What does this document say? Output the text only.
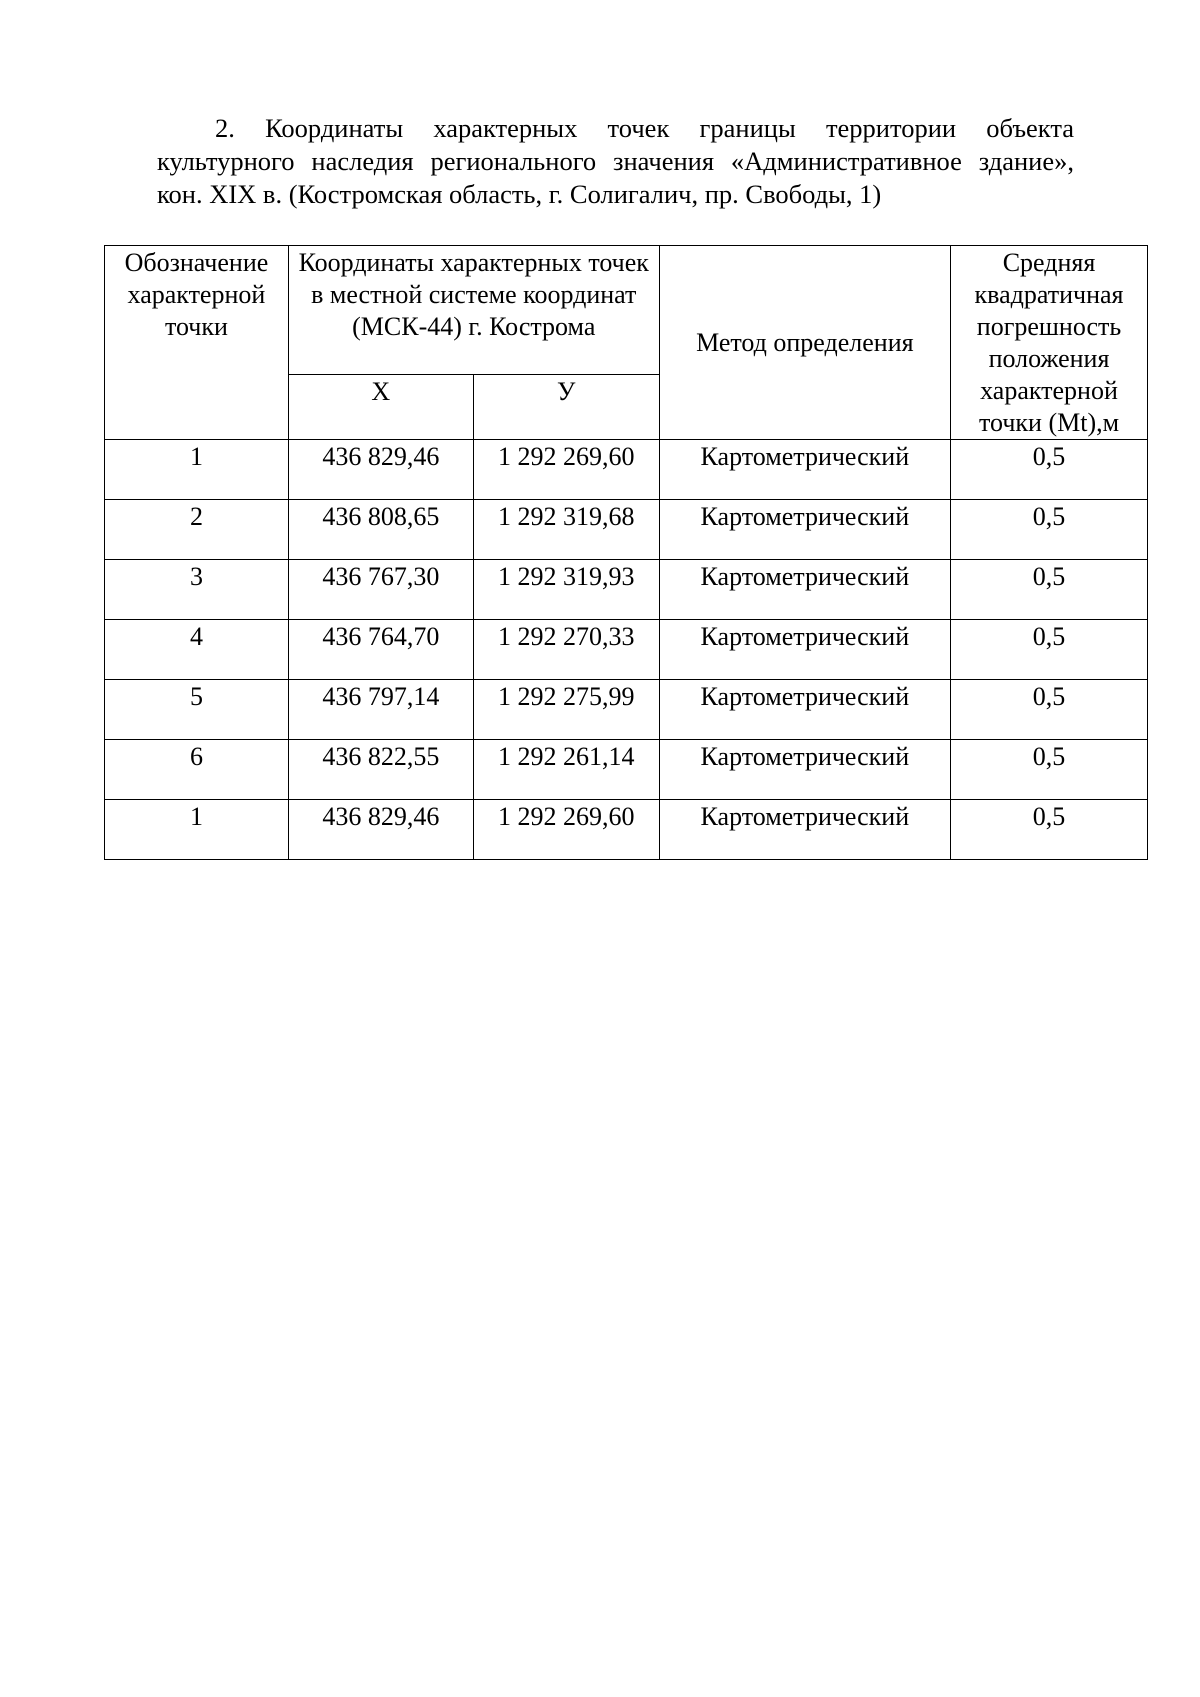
2. Координаты характерных точек границы территории объекта культурного наследия регионального значения «Административное здание», кон. XIX в. (Костромская область, г. Солигалич, пр. Свободы, 1)

Обозначение характерной точки	Координаты характерных точек в местной системе координат (МСК-44) г. Кострома		Метод определения	Средняя квадратичная погрешность положения характерной точки (Mt),м
	Х	У		
1	436 829,46	1 292 269,60	Картометрический	0,5
2	436 808,65	1 292 319,68	Картометрический	0,5
3	436 767,30	1 292 319,93	Картометрический	0,5
4	436 764,70	1 292 270,33	Картометрический	0,5
5	436 797,14	1 292 275,99	Картометрический	0,5
6	436 822,55	1 292 261,14	Картометрический	0,5
1	436 829,46	1 292 269,60	Картометрический	0,5
